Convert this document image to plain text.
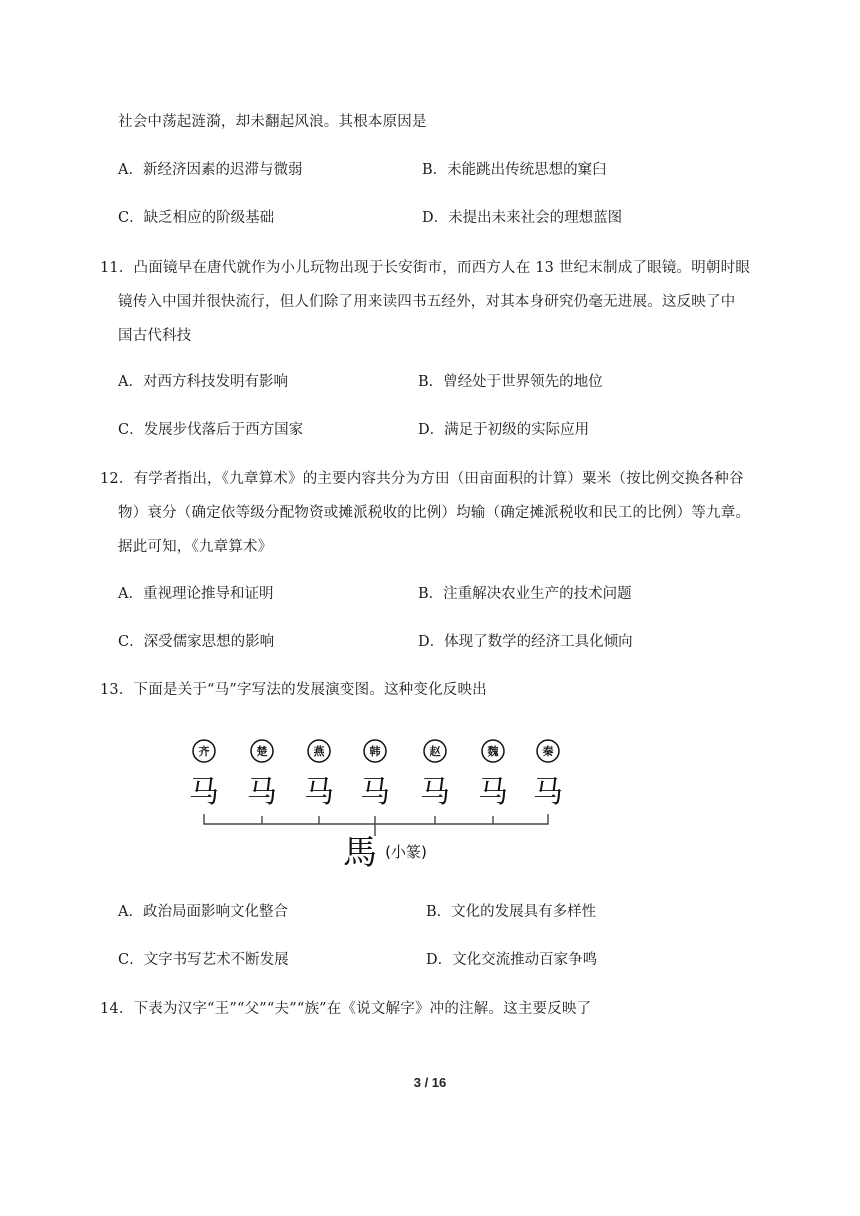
社会中荡起涟漪，却未翻起风浪。其根本原因是
A．新经济因素的迟滞与微弱	B．未能跳出传统思想的窠臼
C．缺乏相应的阶级基础	D．未提出未来社会的理想蓝图
11．凸面镜早在唐代就作为小儿玩物出现于长安街市，而西方人在 13 世纪末制成了眼镜。明朝时眼
镜传入中国并很快流行，但人们除了用来读四书五经外，对其本身研究仍毫无进展。这反映了中
国古代科技
A．对西方科技发明有影响	B．曾经处于世界领先的地位
C．发展步伐落后于西方国家	D．满足于初级的实际应用
12．有学者指出，《九章算术》的主要内容共分为方田（田亩面积的计算）粟米（按比例交换各种谷
物）衰分（确定依等级分配物资或摊派税收的比例）均输（确定摊派税收和民工的比例）等九章。
据此可知，《九章算术》
A．重视理论推导和证明	B．注重解决农业生产的技术问题
C．深受儒家思想的影响	D．体现了数学的经济工具化倾向
13．下面是关于“马”字写法的发展演变图。这种变化反映出
齐	楚	燕	韩	赵	魏	秦
马 马 马 马 马 马 马
馬 (小篆)
A．政治局面影响文化整合	B．文化的发展具有多样性
C．文字书写艺术不断发展	D．文化交流推动百家争鸣
14．下表为汉字“王”“父”“夫”“族”在《说文解字》冲的注解。这主要反映了
3 / 16
